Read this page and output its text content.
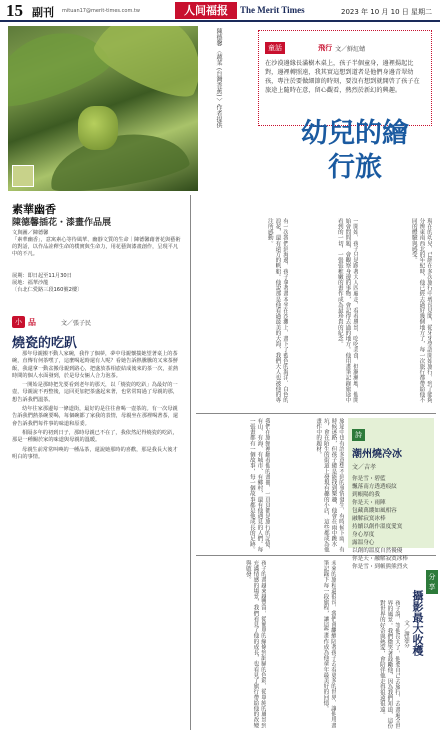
15 副刊 mituan17@merit-times.com.tw	人间福报	The Merit Times	2023 年 10 月 10 日 星期二
陳德馨 〈蔬菜 (台灣香蕉) 〉作者提供
素華幽香
陳德馨插花・漆畫作品展
文與圖／陳德馨
「素華幽香」，意寓素心等待風華、幽靜文質的生命｜陳德馨藉著花與藝術的對話，以作品詮釋生命的樸實與生命力，用花藝與漆畫創作，呈現平凡中的不凡。
展期：即日起至11月30日
展地：福華沙龍
〔台北仁愛路三段160號2樓〕
小 品	文／張子民
燒瓷的吃趴

那年母親搬不動人家碗，我作了個夢，夢中母親懷揣她望著桌上的茶碗，直傳有何茶嘿了，這麼喝起時還有人呢？看她告訴熱騰騰的又來茶鮮飯，我還拿一動盆搬母親到路心，把盛放茶相壺結成後來的茶一次，並熱時間的個人水面發到，於是母女倆人合力泡茶。

一開始是那時把先要看到老年的那天，以「燒瓷的吃趴」為最好的一壺，母親說不再整後，這回更加把茶盛起來著，也常常寫過了母親的那，想告訴我們溫茶。

幼年往家那邊每一條道街，最好的是往往會喝一壺茶的。有一次母親告訴我們熱茶碗要喝，每個碗都了家我的表情，母親坐在那裡喝著茶，還會告訴我們每件事的味道和原委。

相隔多年的初到日子，那時母親已不在了，我依然記得燒瓷的吃趴，那是一種關於家的味道與母親的溫暖。

母親生前常常叫喚的一種品茶，還說她那時的喜歡，那是我長大後才明白的事情。

童話	飛行 文／鮮紅蜻
在沙漠邊緣長滿樹木桌上，孩子半個童身，邊裡揚起比對，邊裡轉照遠，我其實這想到道者是他們身邊青翠幼孩，專注於要做細節的時刻，要沒有想到就開啓了孩子在旅途上隨時在意，留心觀看，熱烈於新幻的興趣。
幼兒的繪行旅
現在的幼兒，已經在多次旅行中增長見聞，從牙牙學語開始旅行，到了能夠分辨東南西北的年紀時，他已經去過好幾個地方了，每一次旅行都帶給他不同的體驗與感受。
一開始，孩子只是跟著大人四處走，看看風景、吃吃美食，但漸漸地，他開始會問問題，會觀察身邊的事物，會記得去過的地方。他用畫筆記錄旅途中看到的一切，一張張稚嫩的畫作成為最珍貴的紀念。
有一次我們到海邊，孩子拿著畫本坐在沙灘上，畫下了藍色的海洋、白色的浪花，還有遠方的帆船。他說那是他看過最美的大海，我們大人也被他的專注所感動。
旅途中也有許多意想不到的事情發生，有時候下雨，有時候迷路，但孩子總是能找到樂趣，他會在雨中跳水坑，會在陌生的街道上發現有趣的小店，這些都成為他畫作中的題材。
我們在旅館裡翻看他的畫冊，一頁頁都是旅行的記憶，有山、有海、有城市、有鄉村，還有他遇見的人們。每一張畫都有一個故事，每一個故事都是他成長的足跡。
孩子的畫越來越豐富，從簡單的線條到細膩的色彩，從單純的風景到充滿情感的場景，我們看見了他的成長，也看見了旅行帶給他的改變與啟發。	未來的旅程還很長，我們會繼續陪著孩子去看更多的世界，讓他用畫筆記錄下每一段旅程，讓這些畫作成為他童年最美好的回憶。	孩子說，等他長大了，他要自己去旅行，去畫遍全世界的風景。我們微笑著鼓勵他，因為我們知道，這份對世界的好奇與熱愛，會陪伴他走得很遠很遠。
詩
潮州燒冷冰
文／吉孝
你是雪・碧藍
飄落南方透透痕紋
到帳陽的我
你是天・雨陣
包藏萬縷如風相容
融解寂寞冰棒
持續以創作溫度愛寞
身心厚度
露溫身心
以創的溫度自然優優
你是天・融解寂寞冰棒
你是雪・到帳熊熊烈火
分享
攝影最大收穫
文／謝如芬
